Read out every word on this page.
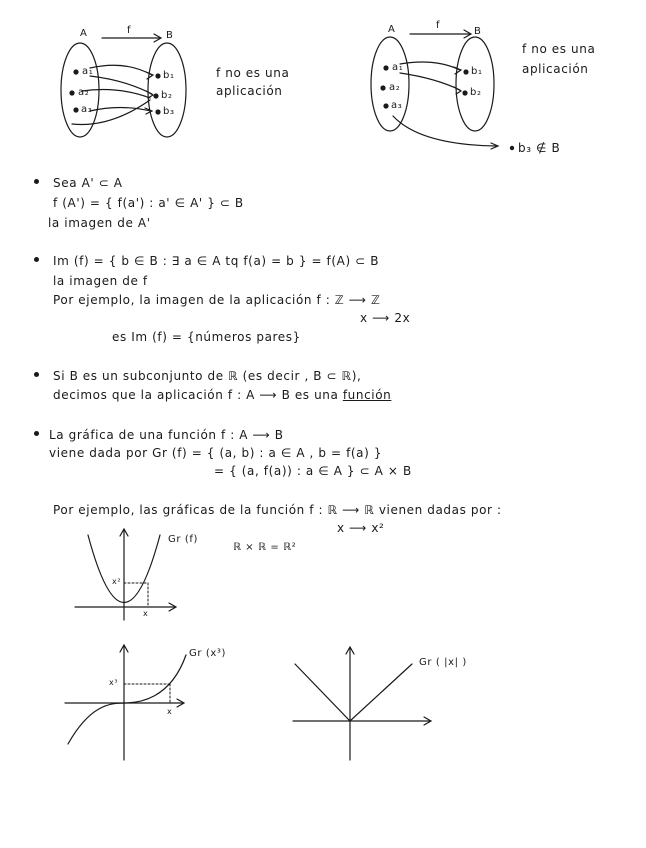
A	B
f
a₁
a₂
a₃
b₁
b₂
b₃
f no es una
aplicación
A	B
f
a₁
a₂
a₃
b₁
b₂
b₃ ∉ B
f no es una
aplicación
Sea A' ⊂ A
f (A') = { f(a') : a' ∈ A' } ⊂ B
la imagen de A'
Im (f) = { b ∈ B : ∃ a ∈ A tq f(a) = b } = f(A) ⊂ B
la imagen de f
Por ejemplo, la imagen de la aplicación f : ℤ ⟶ ℤ
x ⟶ 2x
es Im (f) = {números pares}
Si B es un subconjunto de ℝ (es decir , B ⊂ ℝ),
decimos que la aplicación f : A ⟶ B es una función
La gráfica de una función f : A ⟶ B
viene dada por Gr (f) = { (a, b) : a ∈ A , b = f(a) }
= { (a, f(a)) : a ∈ A } ⊂ A × B
Por ejemplo, las gráficas de la función f : ℝ ⟶ ℝ vienen dadas por :
x ⟶ x²
ℝ × ℝ = ℝ²
Gr (f)
x
x²
Gr (x³)
x
x³
Gr ( |x| )
